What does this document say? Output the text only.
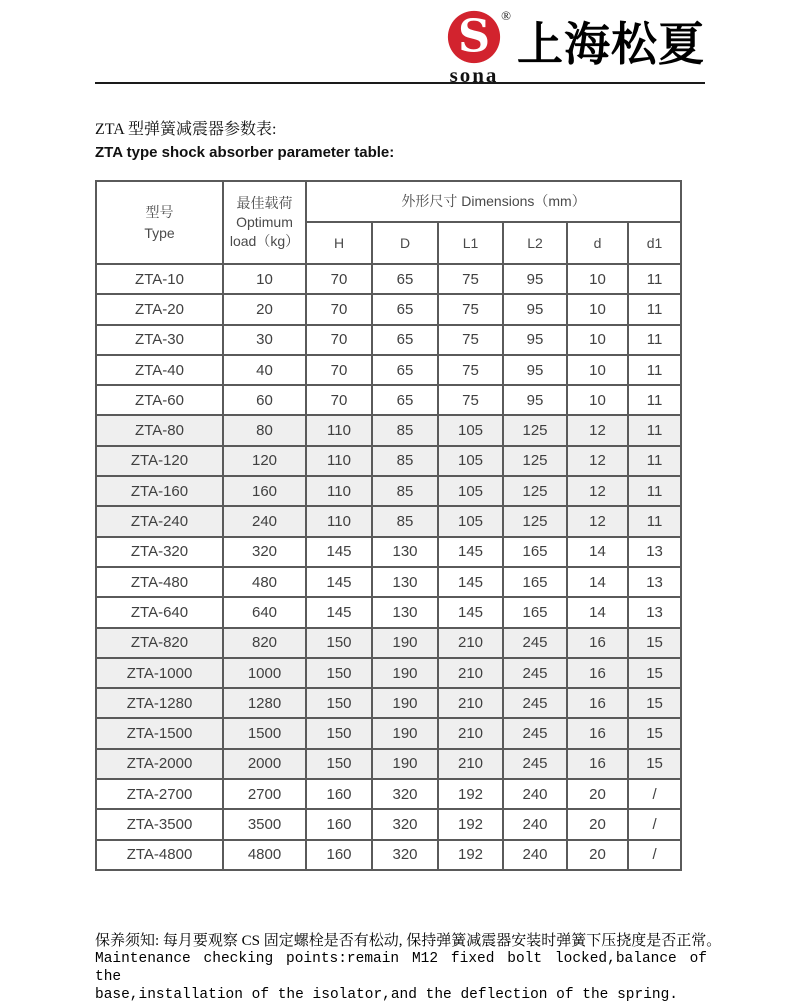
S ®
sona
上海松夏
ZTA 型弹簧减震器参数表:
ZTA type shock absorber parameter table:
型号
Type	最佳载荷
Optimum
load（kg）	外形尺寸 Dimensions（mm）					
		H	D	L1	L2	d	d1
ZTA-10	10	70	65	75	95	10	11
ZTA-20	20	70	65	75	95	10	11
ZTA-30	30	70	65	75	95	10	11
ZTA-40	40	70	65	75	95	10	11
ZTA-60	60	70	65	75	95	10	11
ZTA-80	80	110	85	105	125	12	11
ZTA-120	120	110	85	105	125	12	11
ZTA-160	160	110	85	105	125	12	11
ZTA-240	240	110	85	105	125	12	11
ZTA-320	320	145	130	145	165	14	13
ZTA-480	480	145	130	145	165	14	13
ZTA-640	640	145	130	145	165	14	13
ZTA-820	820	150	190	210	245	16	15
ZTA-1000	1000	150	190	210	245	16	15
ZTA-1280	1280	150	190	210	245	16	15
ZTA-1500	1500	150	190	210	245	16	15
ZTA-2000	2000	150	190	210	245	16	15
ZTA-2700	2700	160	320	192	240	20	/
ZTA-3500	3500	160	320	192	240	20	/
ZTA-4800	4800	160	320	192	240	20	/
保养须知: 每月要观察 CS 固定螺栓是否有松动, 保持弹簧减震器安装时弹簧下压挠度是否正常。
Maintenance checking points:remain M12 fixed bolt locked,balance of the
base,installation of the isolator,and the deflection of the spring.
